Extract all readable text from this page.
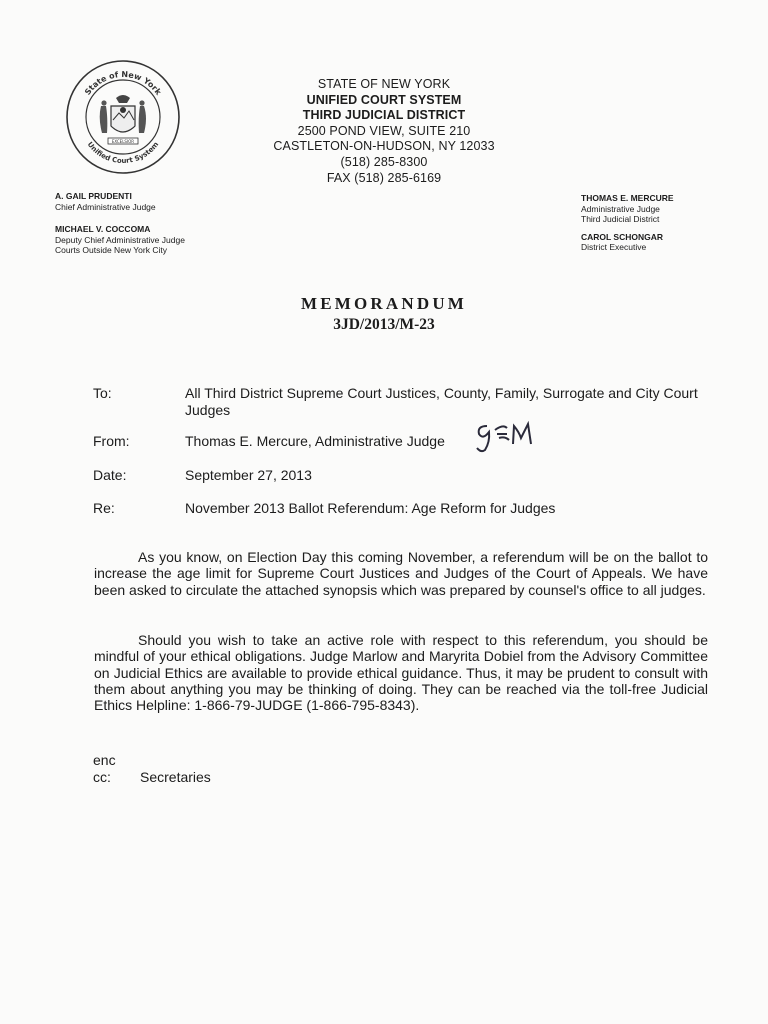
State of New York
Unified Court System
EXCELSIOR
STATE OF NEW YORK
UNIFIED COURT SYSTEM
THIRD JUDICIAL DISTRICT
2500 POND VIEW, SUITE 210
CASTLETON-ON-HUDSON, NY 12033
(518) 285-8300
FAX (518) 285-6169
A. GAIL PRUDENTI
Chief Administrative Judge
MICHAEL V. COCCOMA
Deputy Chief Administrative Judge
Courts Outside New York City
THOMAS E. MERCURE
Administrative Judge
Third Judicial District
CAROL SCHONGAR
District Executive
MEMORANDUM
3JD/2013/M-23
To:	All Third District Supreme Court Justices, County, Family, Surrogate and City Court Judges
From:	Thomas E. Mercure, Administrative Judge
Date:	September 27, 2013
Re:	November 2013 Ballot Referendum: Age Reform for Judges

As you know, on Election Day this coming November, a referendum will be on the ballot to increase the age limit for Supreme Court Justices and Judges of the Court of Appeals. We have been asked to circulate the attached synopsis which was prepared by counsel's office to all judges.

Should you wish to take an active role with respect to this referendum, you should be mindful of your ethical obligations. Judge Marlow and Maryrita Dobiel from the Advisory Committee on Judicial Ethics are available to provide ethical guidance. Thus, it may be prudent to consult with them about anything you may be thinking of doing. They can be reached via the toll-free Judicial Ethics Helpline: 1-866-79-JUDGE (1-866-795-8343).

enc
cc: Secretaries
